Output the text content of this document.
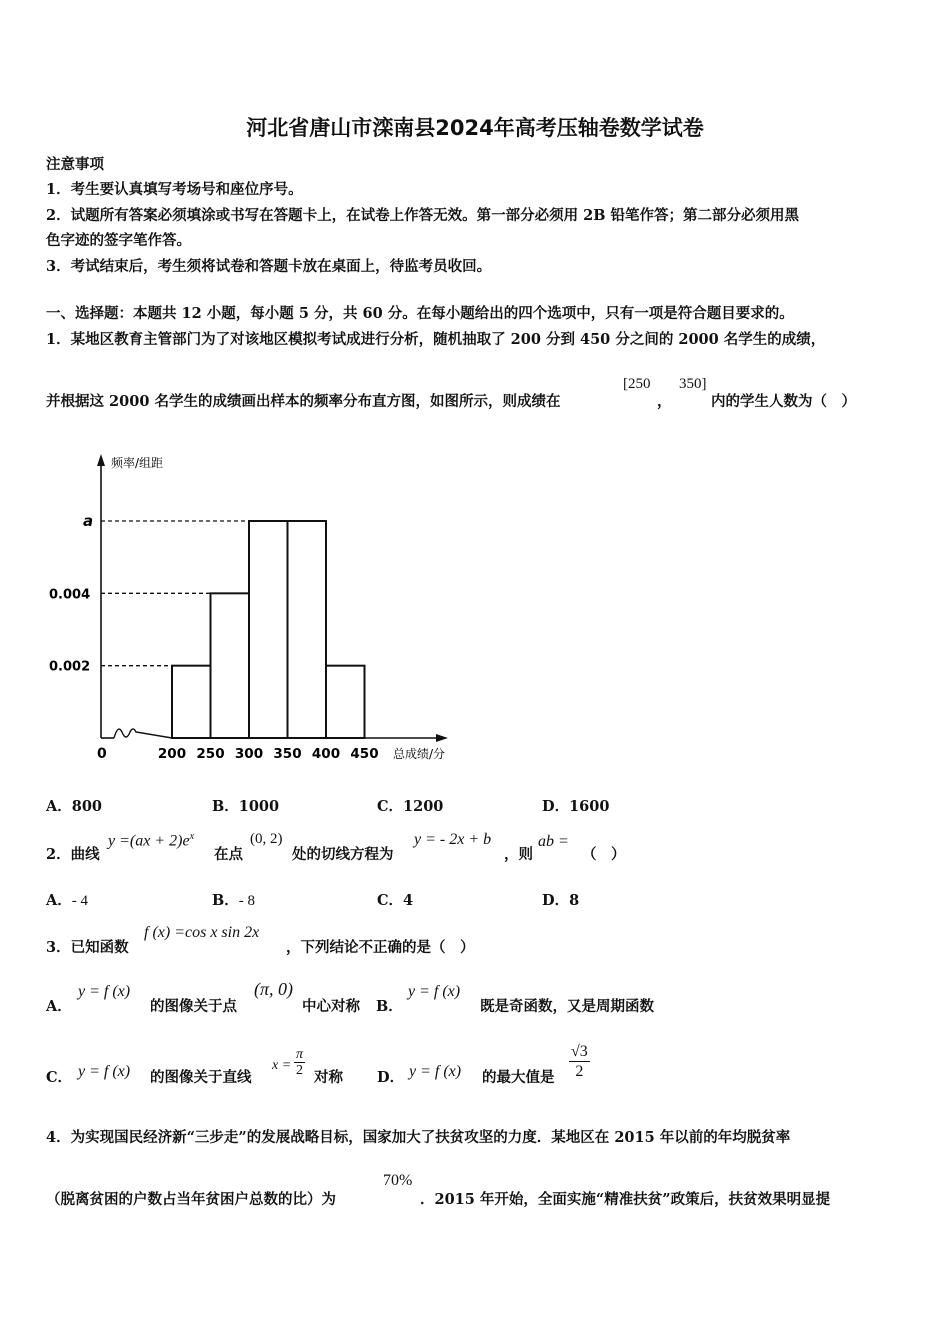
河北省唐山市滦南县2024年高考压轴卷数学试卷
注意事项
1．考生要认真填写考场号和座位序号。
2．试题所有答案必须填涂或书写在答题卡上，在试卷上作答无效。第一部分必须用 2B 铅笔作答；第二部分必须用黑
色字迹的签字笔作答。
3．考试结束后，考生须将试卷和答题卡放在桌面上，待监考员收回。
一、选择题：本题共 12 小题，每小题 5 分，共 60 分。在每小题给出的四个选项中，只有一项是符合题目要求的。
1．某地区教育主管部门为了对该地区模拟考试成进行分析，随机抽取了 200 分到 450 分之间的 2000 名学生的成绩，
并根据这 2000 名学生的成绩画出样本的频率分布直方图，如图所示，则成绩在
[250
，
350]
内的学生人数为（　）
频率/组距
总成绩/分
0
0.002
0.004
a
200 250 300 350 400 450
A．800	B．1000	C．1200	D．1600
2．曲线
$y =(ax + 2)e^x$
在点
(0, 2)
处的切线方程为
y = - 2x + b
，则
ab =
（　）
A．- 4	B．- 8	C．4	D．8
3．已知函数
f (x) =cos x sin 2x
，下列结论不正确的是（　）
A．
y = f (x)
的图像关于点
(π, 0)
中心对称 B．
y = f (x)
既是奇函数，又是周期函数
C． y = f (x) 的图像关于直线
$x = \frac{\pi}{2}$ 对称 D． y = f (x) 的最大值是 $\frac{√3}{2}$
4．为实现国民经济新“三步走”的发展战略目标，国家加大了扶贫攻坚的力度．某地区在 2015 年以前的年均脱贫率
（脱离贫困的户数占当年贫困户总数的比）为
70%
．2015 年开始，全面实施“精准扶贫”政策后，扶贫效果明显提
